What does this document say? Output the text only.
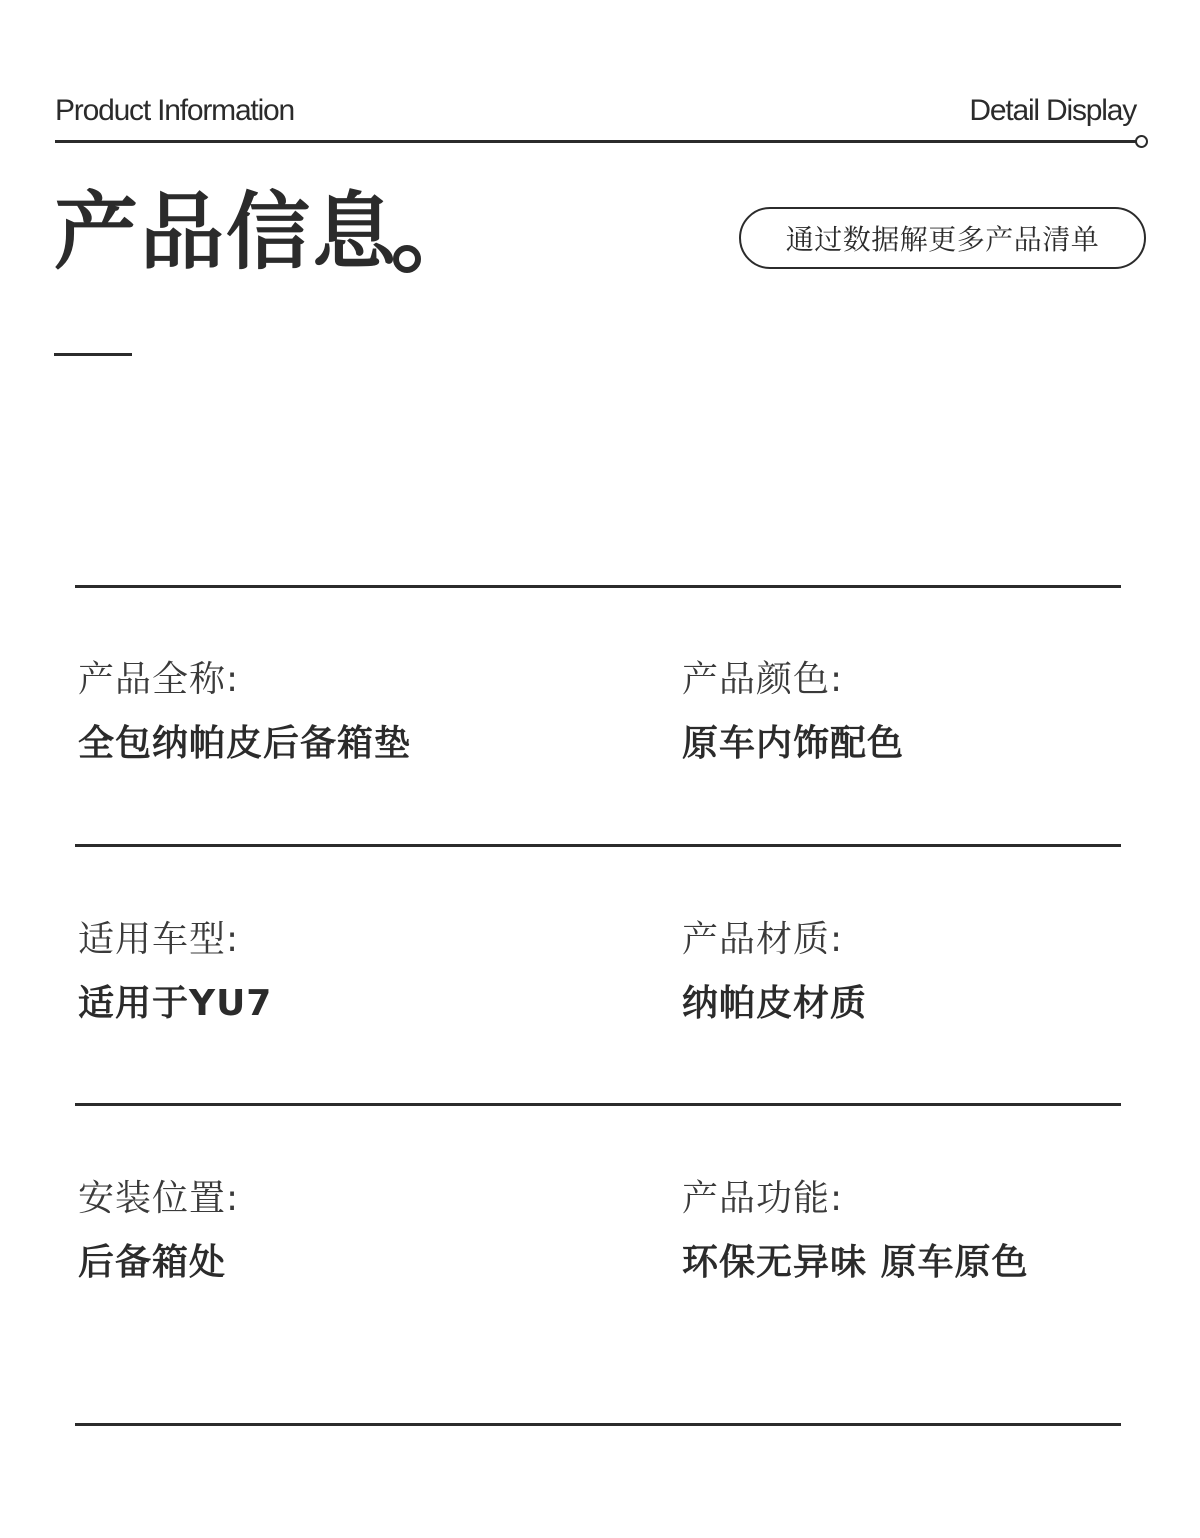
Product Information	Detail Display
产品信息	通过数据解更多产品清单
产品全称:
全包纳帕皮后备箱垫
产品颜色:
原车内饰配色
适用车型:
适用于YU7
产品材质:
纳帕皮材质
安装位置:
后备箱处
产品功能:
环保无异味 原车原色
